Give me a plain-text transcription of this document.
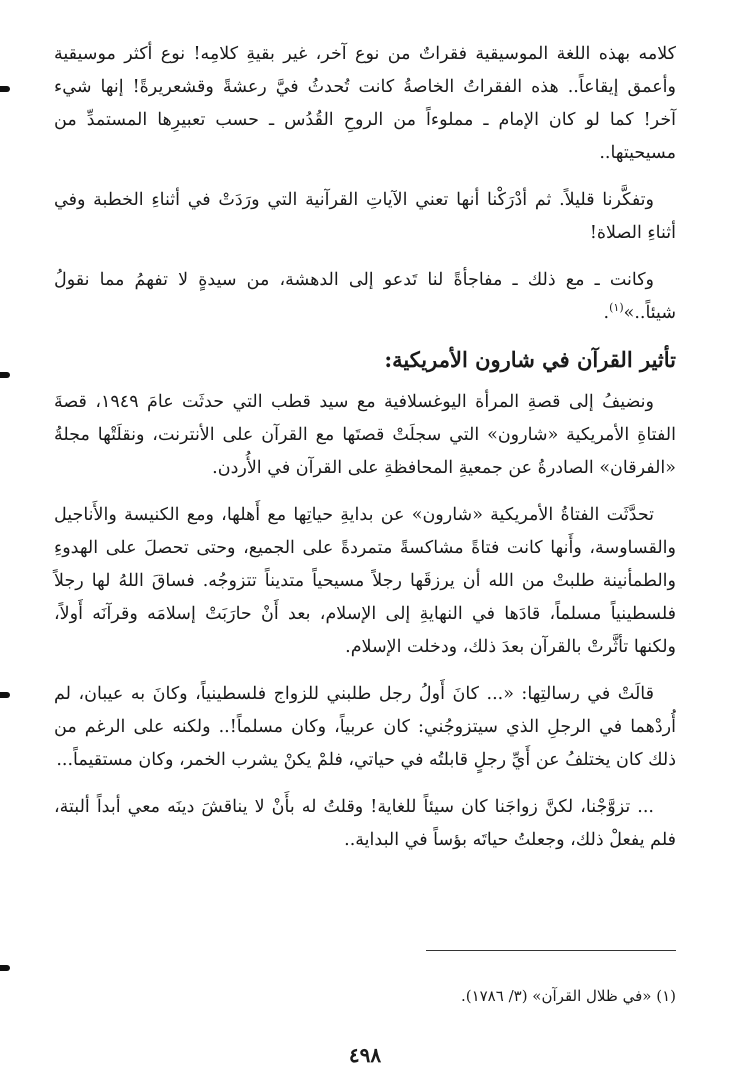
كلامه بهذه اللغة الموسيقية فقراتٌ من نوع آخر، غير بقيةِ كلامِه! نوع أكثر موسيقية وأعمق إيقاعاً.. هذه الفقراتُ الخاصةُ كانت تُحدثُ فيَّ رعشةً وقشعريرةً! إنها شيء آخر! كما لو كان الإمام ـ مملوءاً من الروحِ القُدُس ـ حسب تعبيرِها المستمدِّ من مسيحيتها..

وتفكَّرنا قليلاً. ثم أدْرَكْنا أنها تعني الآياتِ القرآنية التي ورَدَتْ في أثناءِ الخطبة وفي أثناءِ الصلاة!

وكانت ـ مع ذلك ـ مفاجأةً لنا تَدعو إلى الدهشة، من سيدةٍ لا تفهمُ مما نقولُ شيئاً..»$^{(١)}$.

تأثير القرآن في شارون الأمريكية:

ونضيفُ إلى قصةِ المرأة اليوغسلافية مع سيد قطب التي حدثَت عامَ ١٩٤٩، قصةَ الفتاةِ الأمريكية «شارون» التي سجلَتْ قصتَها مع القرآن على الأنترنت، ونقلَتْها مجلةُ «الفرقان» الصادرةُ عن جمعيةِ المحافظةِ على القرآن في الأُردن.

تحدَّثَت الفتاةُ الأمريكية «شارون» عن بدايةِ حياتِها مع أَهلها، ومع الكنيسة والأَناجيل والقساوسة، وأَنها كانت فتاةً مشاكسةً متمردةً على الجميع، وحتى تحصلَ على الهدوءِ والطمأنينة طلبتْ من الله أن يرزقَها رجلاً مسيحياً متديناً تتزوجُه. فساقَ اللهُ لها رجلاً فلسطينياً مسلماً، قادَها في النهايةِ إلى الإسلام، بعد أَنْ حارَبَتْ إسلامَه وقرآنَه أَولاً، ولكنها تأثَّرتْ بالقرآن بعدَ ذلك، ودخلت الإسلام.

قالَتْ في رسالتِها: «... كانَ أَولُ رجل طلبني للزواج فلسطينياً، وكانَ به عيبان، لم أُردْهما في الرجلِ الذي سيتزوجُني: كان عربياً، وكان مسلماً!.. ولكنه على الرغم من ذلك كان يختلفُ عن أَيِّ رجلٍ قابلتُه في حياتي، فلمْ يكنْ يشرب الخمر، وكان مستقيماً...

... تزوَّجْنا، لكنَّ زواجَنا كان سيئاً للغاية! وقلتُ له بأَنْ لا يناقشَ دينَه معي أبداً ألبتة، فلم يفعلْ ذلك، وجعلتُ حياتَه بؤساً في البداية..

(١) «في ظلال القرآن» (٣/ ١٧٨٦).
٤٩٨
